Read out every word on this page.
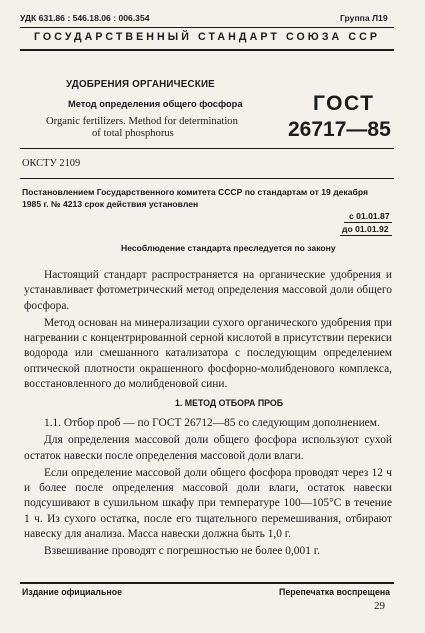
УДК 631.86 : 546.18.06 : 006.354	Группа Л19
ГОСУДАРСТВЕННЫЙ СТАНДАРТ СОЮЗА ССР
УДОБРЕНИЯ ОРГАНИЧЕСКИЕ
Метод определения общего фосфора
Organic fertilizers. Method for determination
of total phosphorus
ГОСТ
26717—85
ОКСТУ 2109
Постановлением Государственного комитета СССР по стандартам от 19 декабря
1985 г. № 4213 срок действия установлен
с 01.01.87
до 01.01.92
Несоблюдение стандарта преследуется по закону

Настоящий стандарт распространяется на органические удобрения и устанавливает фотометрический метод определения массовой доли общего фосфора.

Метод основан на минерализации сухого органического удобрения при нагревании с концентрированной серной кислотой в присутствии перекиси водорода или смешанного катализатора с последующим определением оптической плотности окрашенного фосфорно-молибденового комплекса, восстановленного до молибденовой сини.

1. МЕТОД ОТБОРА ПРОБ

1.1. Отбор проб — по ГОСТ 26712—85 со следующим дополнением.

Для определения массовой доли общего фосфора используют сухой остаток навески после определения массовой доли влаги.

Если определение массовой доли общего фосфора проводят через 12 ч и более после определения массовой доли влаги, остаток навески подсушивают в сушильном шкафу при температуре 100—105°С в течение 1 ч. Из сухого остатка, после его тщательного перемешивания, отбирают навеску для анализа. Масса навески должна быть 1,0 г.

Взвешивание проводят с погрешностью не более 0,001 г.

Издание официальное	Перепечатка воспрещена
29
